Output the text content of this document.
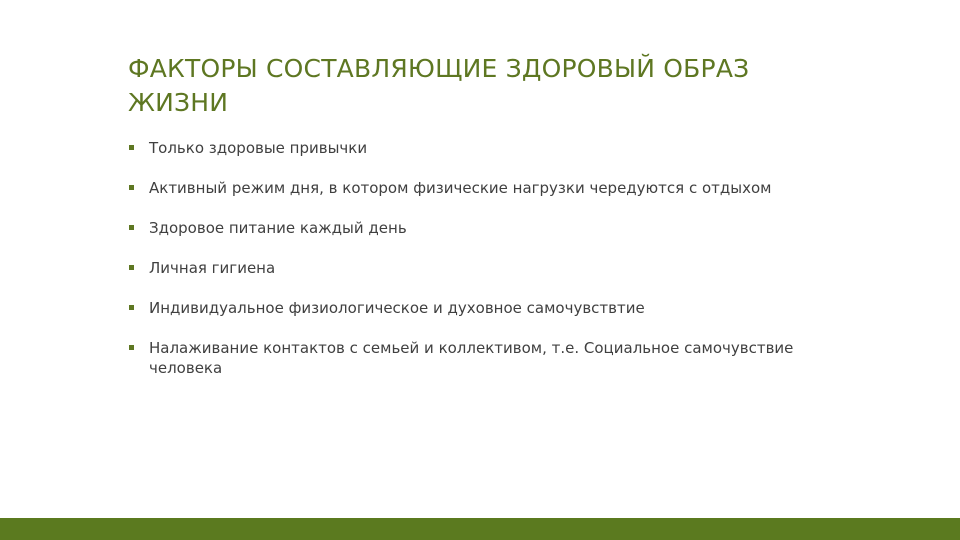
ФАКТОРЫ СОСТАВЛЯЮЩИЕ ЗДОРОВЫЙ ОБРАЗ ЖИЗНИ
Только здоровые привычки
Активный режим дня, в котором физические нагрузки чередуются с отдыхом
Здоровое питание каждый день
Личная гигиена
Индивидуальное физиологическое и духовное самочувствтие
Налаживание контактов с семьей и коллективом, т.е. Социальное самочувствие человека
